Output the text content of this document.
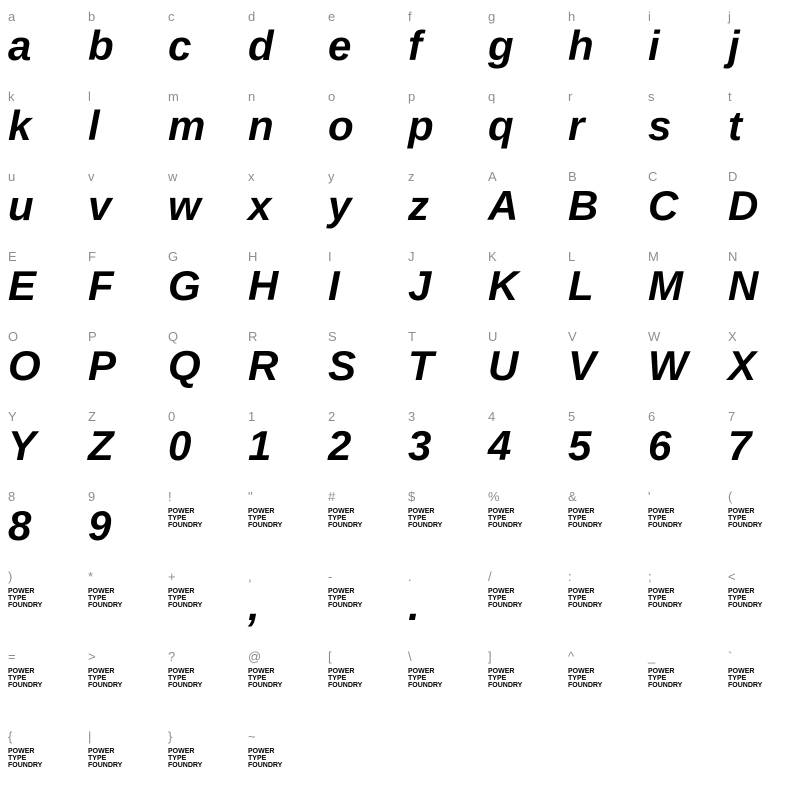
a
a
b
b
c
c
d
d
e
e
f
f
g
g
h
h
i
i
j
j
k
k
l
l
m
m
n
n
o
o
p
p
q
q
r
r
s
s
t
t
u
u
v
v
w
w
x
x
y
y
z
z
A
A
B
B
C
C
D
D
E
E
F
F
G
G
H
H
I
I
J
J
K
K
L
L
M
M
N
N
O
O
P
P
Q
Q
R
R
S
S
T
T
U
U
V
V
W
W
X
X
Y
Y
Z
Z
0
0
1
1
2
2
3
3
4
4
5
5
6
6
7
7
8
8
9
9
!
POWER
TYPE
FOUNDRY
"
POWER
TYPE
FOUNDRY
#
POWER
TYPE
FOUNDRY
$
POWER
TYPE
FOUNDRY
%
POWER
TYPE
FOUNDRY
&
POWER
TYPE
FOUNDRY
'
POWER
TYPE
FOUNDRY
(
POWER
TYPE
FOUNDRY
)
POWER
TYPE
FOUNDRY
*
POWER
TYPE
FOUNDRY
+
POWER
TYPE
FOUNDRY
,
,
-
POWER
TYPE
FOUNDRY
.
.
/
POWER
TYPE
FOUNDRY
:
POWER
TYPE
FOUNDRY
;
POWER
TYPE
FOUNDRY
<
POWER
TYPE
FOUNDRY
=
POWER
TYPE
FOUNDRY
>
POWER
TYPE
FOUNDRY
?
POWER
TYPE
FOUNDRY
@
POWER
TYPE
FOUNDRY
[
POWER
TYPE
FOUNDRY
\
POWER
TYPE
FOUNDRY
]
POWER
TYPE
FOUNDRY
^
POWER
TYPE
FOUNDRY
_
POWER
TYPE
FOUNDRY
`
POWER
TYPE
FOUNDRY
{
POWER
TYPE
FOUNDRY
|
POWER
TYPE
FOUNDRY
}
POWER
TYPE
FOUNDRY
~
POWER
TYPE
FOUNDRY
